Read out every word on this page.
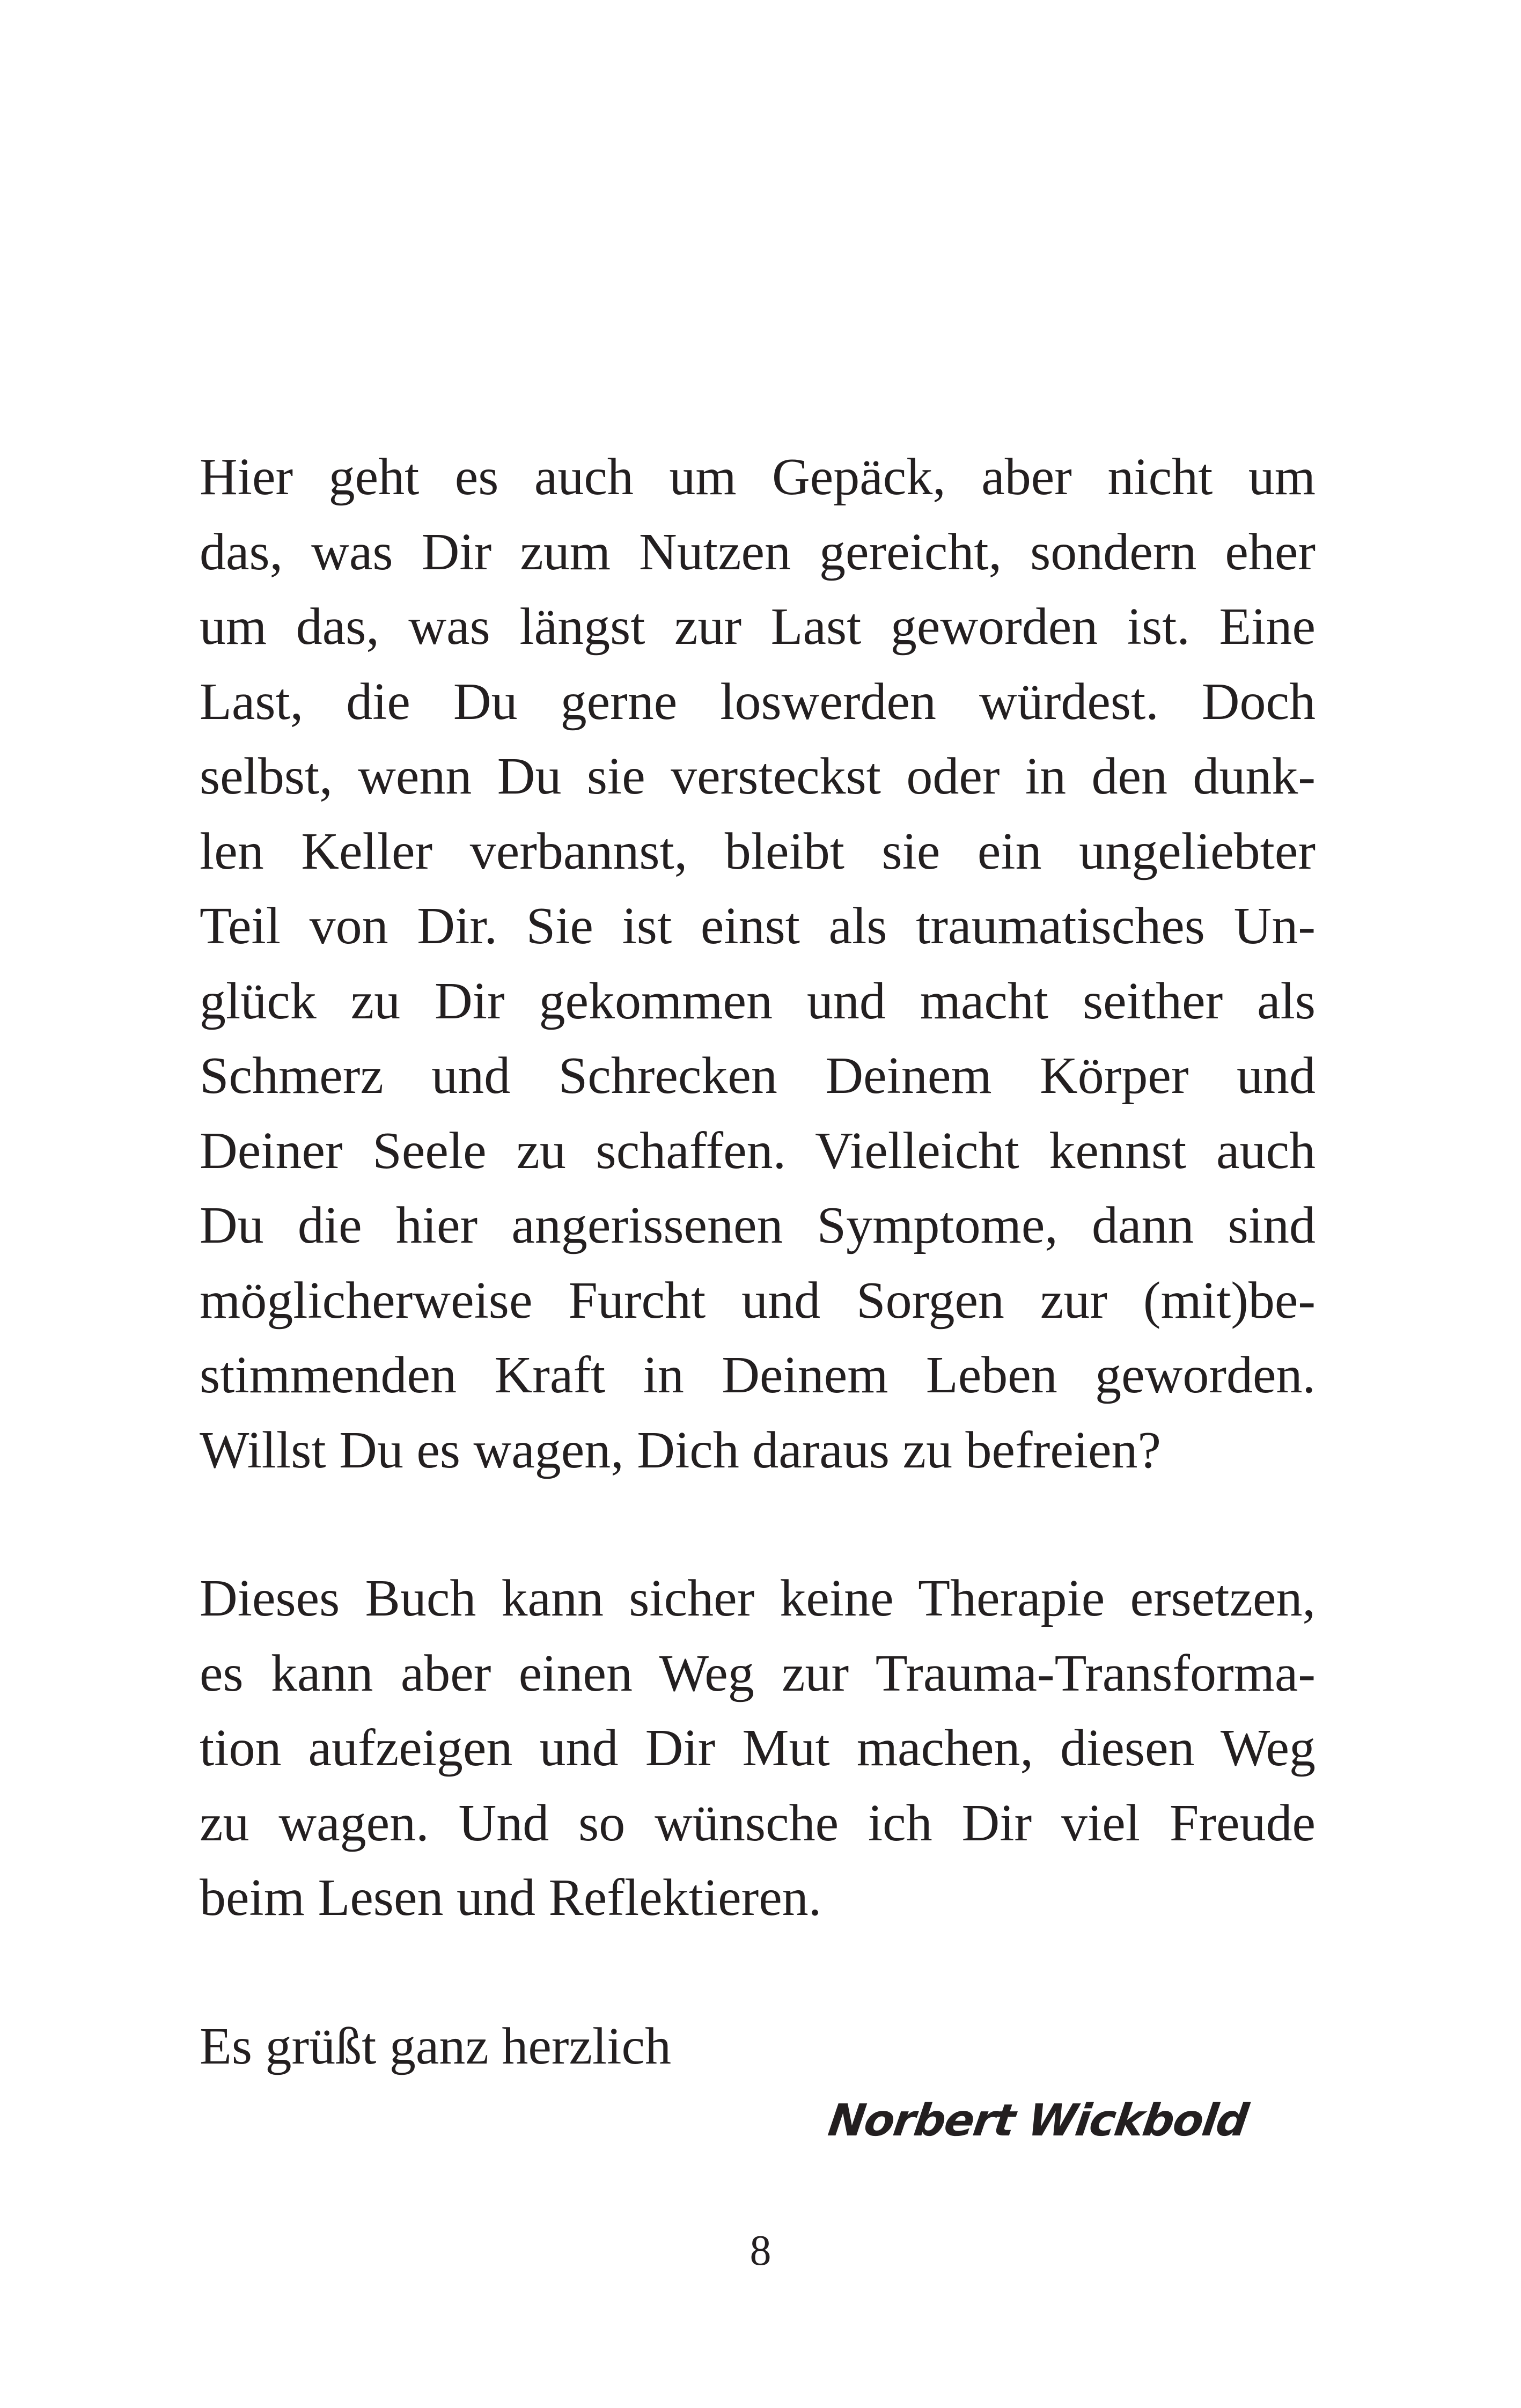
Hier geht es auch um Gepäck, aber nicht um
das, was Dir zum Nutzen gereicht, sondern eher
um das, was längst zur Last geworden ist. Eine
Last, die Du gerne loswerden würdest. Doch
selbst, wenn Du sie versteckst oder in den dunk-
len Keller verbannst, bleibt sie ein ungeliebter
Teil von Dir. Sie ist einst als traumatisches Un-
glück zu Dir gekommen und macht seither als
Schmerz und Schrecken Deinem Körper und
Deiner Seele zu schaffen. Vielleicht kennst auch
Du die hier angerissenen Symptome, dann sind
möglicherweise Furcht und Sorgen zur (mit)be-
stimmenden Kraft in Deinem Leben geworden.
Willst Du es wagen, Dich daraus zu befreien?
Dieses Buch kann sicher keine Therapie ersetzen,
es kann aber einen Weg zur Trauma-Transforma-
tion aufzeigen und Dir Mut machen, diesen Weg
zu wagen. Und so wünsche ich Dir viel Freude
beim Lesen und Reflektieren.
Es grüßt ganz herzlich
Norbert Wickbold
8
